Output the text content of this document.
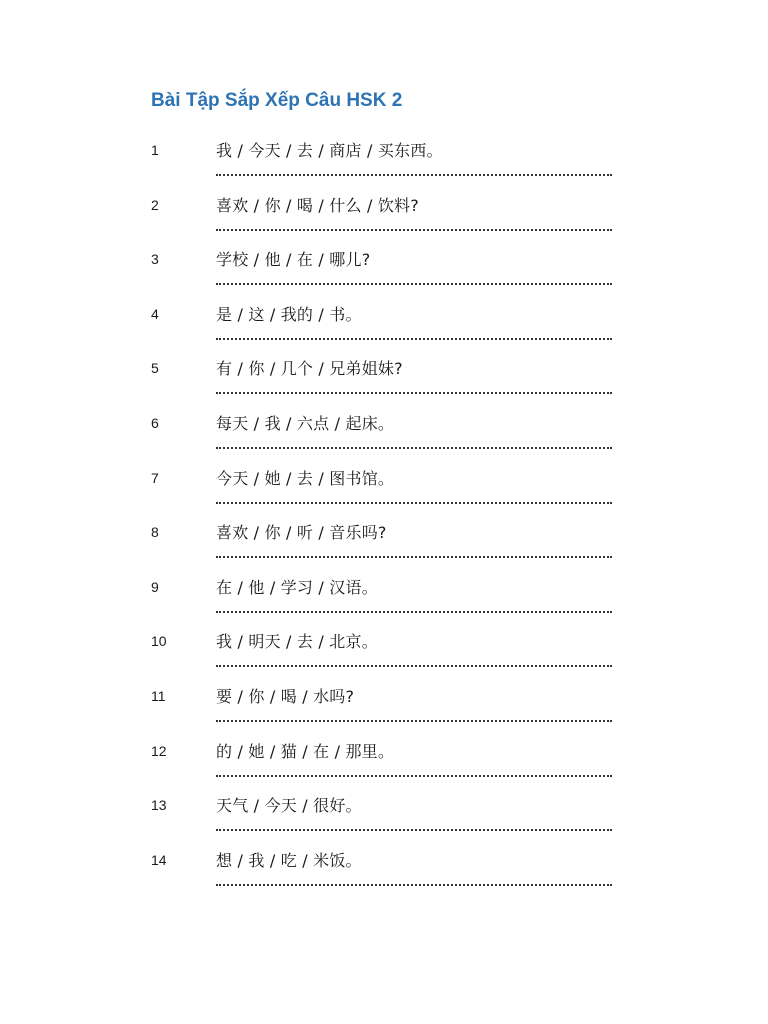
Bài Tập Sắp Xếp Câu HSK 2
1	我 / 今天 / 去 / 商店 / 买东西。
2	喜欢 / 你 / 喝 / 什么 / 饮料?
3	学校 / 他 / 在 / 哪儿?
4	是 / 这 / 我的 / 书。
5	有 / 你 / 几个 / 兄弟姐妹?
6	每天 / 我 / 六点 / 起床。
7	今天 / 她 / 去 / 图书馆。
8	喜欢 / 你 / 听 / 音乐吗?
9	在 / 他 / 学习 / 汉语。
10	我 / 明天 / 去 / 北京。
11	要 / 你 / 喝 / 水吗?
12	的 / 她 / 猫 / 在 / 那里。
13	天气 / 今天 / 很好。
14	想 / 我 / 吃 / 米饭。
